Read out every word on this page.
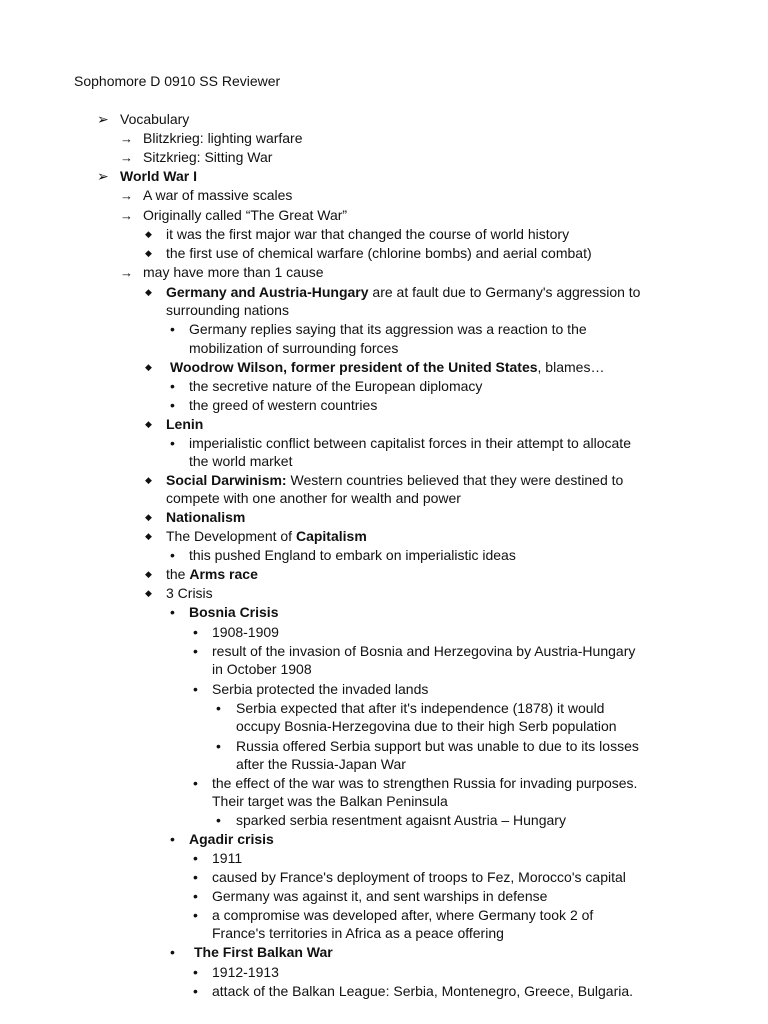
Sophomore D 0910 SS Reviewer
➢ Vocabulary
→ Blitzkrieg: lighting warfare
→ Sitzkrieg: Sitting War
➢ World War I
→ A war of massive scales
→ Originally called “The Great War”
◆ it was the first major war that changed the course of world history
◆ the first use of chemical warfare (chlorine bombs) and aerial combat)
→ may have more than 1 cause
◆ Germany and Austria-Hungary are at fault due to Germany's aggression to
surrounding nations
• Germany replies saying that its aggression was a reaction to the
mobilization of surrounding forces
◆ Woodrow Wilson, former president of the United States, blames…
• the secretive nature of the European diplomacy
• the greed of western countries
◆ Lenin
• imperialistic conflict between capitalist forces in their attempt to allocate
the world market
◆ Social Darwinism: Western countries believed that they were destined to
compete with one another for wealth and power
◆ Nationalism
◆ The Development of Capitalism
• this pushed England to embark on imperialistic ideas
◆ the Arms race
◆ 3 Crisis
• Bosnia Crisis
• 1908-1909
• result of the invasion of Bosnia and Herzegovina by Austria-Hungary
in October 1908
• Serbia protected the invaded lands
• Serbia expected that after it's independence (1878) it would
occupy Bosnia-Herzegovina due to their high Serb population
• Russia offered Serbia support but was unable to due to its losses
after the Russia-Japan War
• the effect of the war was to strengthen Russia for invading purposes.
Their target was the Balkan Peninsula
• sparked serbia resentment agaisnt Austria – Hungary
• Agadir crisis
• 1911
• caused by France's deployment of troops to Fez, Morocco's capital
• Germany was against it, and sent warships in defense
• a compromise was developed after, where Germany took 2 of
France's territories in Africa as a peace offering
• The First Balkan War
• 1912-1913
• attack of the Balkan League: Serbia, Montenegro, Greece, Bulgaria.
